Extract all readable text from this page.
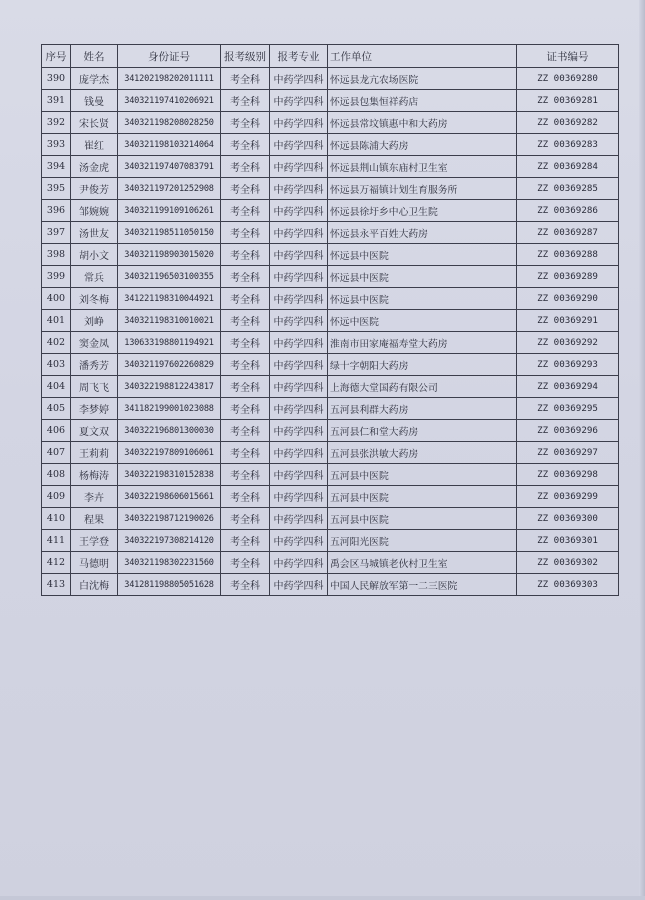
序号	姓名	身份证号	报考级别	报考专业	工作单位	证书编号
390	庞学杰	341202198202011111	考全科	中药学四科	怀远县龙亢农场医院	ZZ 00369280
391	钱曼	340321197410206921	考全科	中药学四科	怀远县包集恒祥药店	ZZ 00369281
392	宋长贤	340321198208028250	考全科	中药学四科	怀远县常坟镇惠中和大药房	ZZ 00369282
393	崔红	340321198103214064	考全科	中药学四科	怀远县陈浦大药房	ZZ 00369283
394	汤金虎	340321197407083791	考全科	中药学四科	怀远县荆山镇东庙村卫生室	ZZ 00369284
395	尹俊芳	340321197201252908	考全科	中药学四科	怀远县万福镇计划生育服务所	ZZ 00369285
396	邹婉婉	340321199109106261	考全科	中药学四科	怀远县徐圩乡中心卫生院	ZZ 00369286
397	汤世友	340321198511050150	考全科	中药学四科	怀远县永平百姓大药房	ZZ 00369287
398	胡小文	340321198903015020	考全科	中药学四科	怀远县中医院	ZZ 00369288
399	常兵	340321196503100355	考全科	中药学四科	怀远县中医院	ZZ 00369289
400	刘冬梅	341221198310044921	考全科	中药学四科	怀远县中医院	ZZ 00369290
401	刘峥	340321198310010021	考全科	中药学四科	怀远中医院	ZZ 00369291
402	窦金凤	130633198801194921	考全科	中药学四科	淮南市田家庵福寿堂大药房	ZZ 00369292
403	潘秀芳	340321197602260829	考全科	中药学四科	绿十字朝阳大药房	ZZ 00369293
404	周飞飞	340322198812243817	考全科	中药学四科	上海德大堂国药有限公司	ZZ 00369294
405	李梦婷	341182199001023088	考全科	中药学四科	五河县利群大药房	ZZ 00369295
406	夏文双	340322196801300030	考全科	中药学四科	五河县仁和堂大药房	ZZ 00369296
407	王莉莉	340322197809106061	考全科	中药学四科	五河县张洪敏大药房	ZZ 00369297
408	杨梅涛	340322198310152838	考全科	中药学四科	五河县中医院	ZZ 00369298
409	李卉	340322198606015661	考全科	中药学四科	五河县中医院	ZZ 00369299
410	程果	340322198712190026	考全科	中药学四科	五河县中医院	ZZ 00369300
411	王学登	340322197308214120	考全科	中药学四科	五河阳光医院	ZZ 00369301
412	马德明	340321198302231560	考全科	中药学四科	禹会区马城镇老伙村卫生室	ZZ 00369302
413	白沈梅	341281198805051628	考全科	中药学四科	中国人民解放军第一二三医院	ZZ 00369303
